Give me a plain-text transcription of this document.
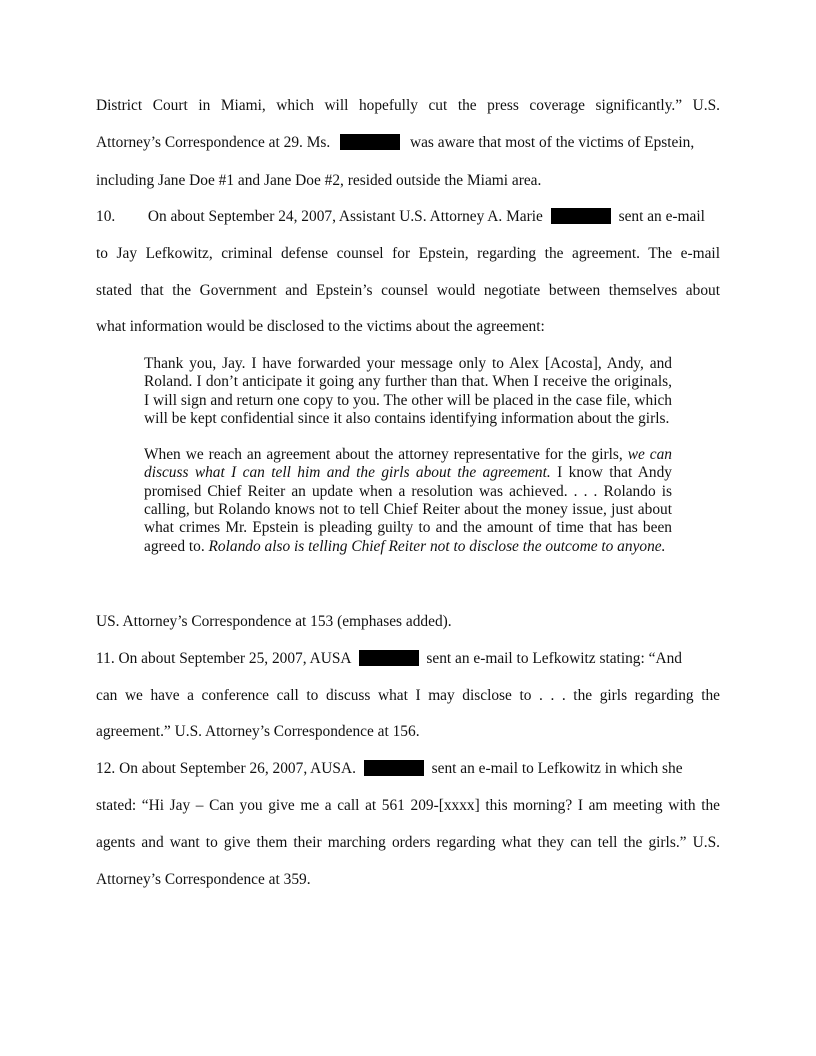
District Court in Miami, which will hopefully cut the press coverage significantly.” U.S.
Attorney’s Correspondence at 29. Ms.	was aware that most of the victims of Epstein,
including Jane Doe #1 and Jane Doe #2, resided outside the Miami area.
10. On about September 24, 2007, Assistant U.S. Attorney A. Marie	sent an e-mail
to Jay Lefkowitz, criminal defense counsel for Epstein, regarding the agreement. The e-mail
stated that the Government and Epstein’s counsel would negotiate between themselves about
what information would be disclosed to the victims about the agreement:

Thank you, Jay. I have forwarded your message only to Alex [Acosta], Andy, and Roland. I don’t anticipate it going any further than that. When I receive the originals, I will sign and return one copy to you. The other will be placed in the case file, which will be kept confidential since it also contains identifying information about the girls.

When we reach an agreement about the attorney representative for the girls, we can discuss what I can tell him and the girls about the agreement. I know that Andy promised Chief Reiter an update when a resolution was achieved. . . . Rolando is calling, but Rolando knows not to tell Chief Reiter about the money issue, just about what crimes Mr. Epstein is pleading guilty to and the amount of time that has been agreed to. Rolando also is telling Chief Reiter not to disclose the outcome to anyone.

US. Attorney’s Correspondence at 153 (emphases added).
11. On about September 25, 2007, AUSA	sent an e-mail to Lefkowitz stating: “And
can we have a conference call to discuss what I may disclose to . . . the girls regarding the
agreement.” U.S. Attorney’s Correspondence at 156.
12. On about September 26, 2007, AUSA.	sent an e-mail to Lefkowitz in which she
stated: “Hi Jay – Can you give me a call at 561 209-[xxxx] this morning? I am meeting with the
agents and want to give them their marching orders regarding what they can tell the girls.” U.S.
Attorney’s Correspondence at 359.
